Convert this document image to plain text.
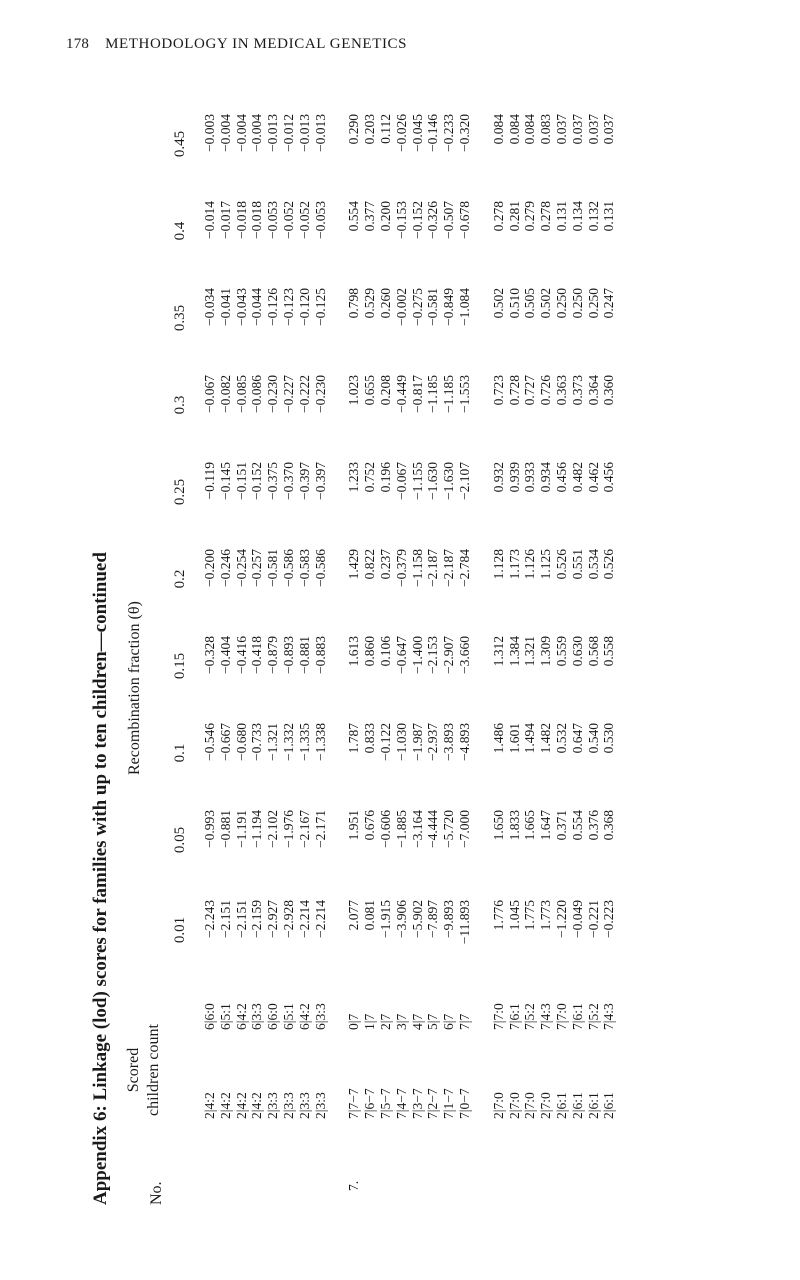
178 METHODOLOGY IN MEDICAL GENETICS
Appendix 6: Linkage (lod) scores for families with up to ten children—continued No.
Scored children count
Recombination fraction (θ)
0.01
0.05
0.1
0.15
0.2
0.25
0.3
0.35
0.4
0.45
2|4:2
6|6:0
−2.243
−0.993
−0.546
−0.328
−0.200
−0.119
−0.067
−0.034
−0.014
−0.003
2|4:2
6|5:1
−2.151
−0.881
−0.667
−0.404
−0.246
−0.145
−0.082
−0.041
−0.017
−0.004
2|4:2
6|4:2
−2.151
−1.191
−0.680
−0.416
−0.254
−0.151
−0.085
−0.043
−0.018
−0.004
2|4:2
6|3:3
−2.159
−1.194
−0.733
−0.418
−0.257
−0.152
−0.086
−0.044
−0.018
−0.004
2|3:3
6|6:0
−2.927
−2.102
−1.321
−0.879
−0.581
−0.375
−0.230
−0.126
−0.053
−0.013
2|3:3
6|5:1
−2.928
−1.976
−1.332
−0.893
−0.586
−0.370
−0.227
−0.123
−0.052
−0.012
2|3:3
6|4:2
−2.214
−2.167
−1.335
−0.881
−0.583
−0.397
−0.222
−0.120
−0.052
−0.013
2|3:3
6|3:3
−2.214
−2.171
−1.338
−0.883
−0.586
−0.397
−0.230
−0.125
−0.053
−0.013
7.
7|7−7
0|7
2.077
1.951
1.787
1.613
1.429
1.233
1.023
0.798
0.554
0.290
7|6−7
1|7
0.081
0.676
0.833
0.860
0.822
0.752
0.655
0.529
0.377
0.203
7|5−7
2|7
−1.915
−0.606
−0.122
0.106
0.237
0.196
0.208
0.260
0.200
0.112
7|4−7
3|7
−3.906
−1.885
−1.030
−0.647
−0.379
−0.067
−0.449
−0.002
−0.153
−0.026
7|3−7
4|7
−5.902
−3.164
−1.987
−1.400
−1.158
−1.155
−0.817
−0.275
−0.152
−0.045
7|2−7
5|7
−7.897
−4.444
−2.937
−2.153
−2.187
−1.630
−1.185
−0.581
−0.326
−0.146
7|1−7
6|7
−9.893
−5.720
−3.893
−2.907
−2.187
−1.630
−1.185
−0.849
−0.507
−0.233
7|0−7
7|7
−11.893
−7.000
−4.893
−3.660
−2.784
−2.107
−1.553
−1.084
−0.678
−0.320
2|7:0
7|7:0
1.776
1.650
1.486
1.312
1.128
0.932
0.723
0.502
0.278
0.084
2|7:0
7|6:1
1.045
1.833
1.601
1.384
1.173
0.939
0.728
0.510
0.281
0.084
2|7:0
7|5:2
1.775
1.665
1.494
1.321
1.126
0.933
0.727
0.505
0.279
0.084
2|7:0
7|4:3
1.773
1.647
1.482
1.309
1.125
0.934
0.726
0.502
0.278
0.083
2|6:1
7|7:0
−1.220
0.371
0.532
0.559
0.526
0.456
0.363
0.250
0.131
0.037
2|6:1
7|6:1
−0.049
0.554
0.647
0.630
0.551
0.482
0.373
0.250
0.134
0.037
2|6:1
7|5:2
−0.221
0.376
0.540
0.568
0.534
0.462
0.364
0.250
0.132
0.037
2|6:1
7|4:3
−0.223
0.368
0.530
0.558
0.526
0.456
0.360
0.247
0.131
0.037
